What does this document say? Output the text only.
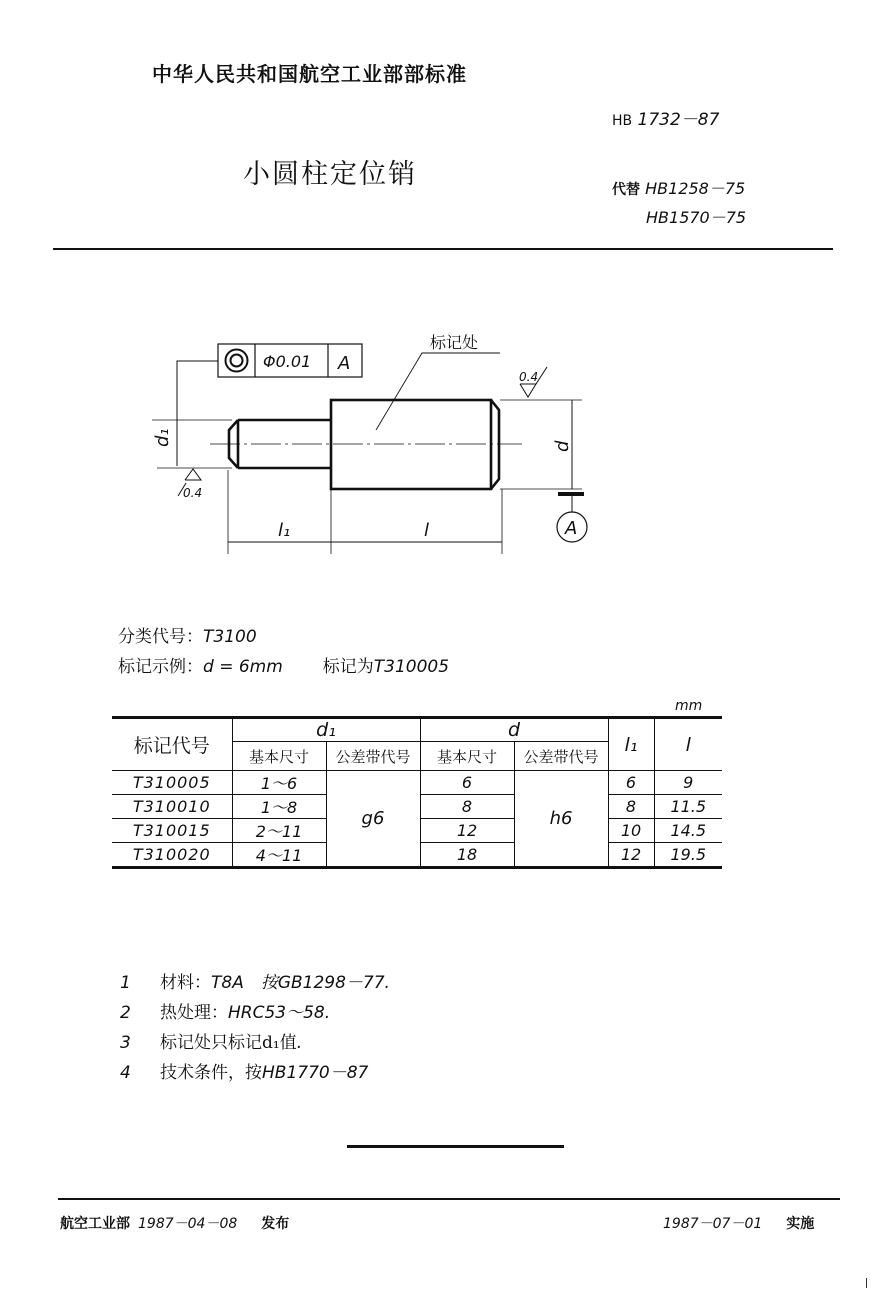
中华人民共和国航空工业部部标准
HB 1732－87
小圆柱定位销	代替 HB1258－75
HB1570－75
Φ0.01 A
标记处
0.4
0.4
d₁	d
l₁	l	A
分类代号：T3100
标记示例：d = 6mm 标记为T310005
mm
标记代号	d₁		d		l₁	l
	基本尺寸	公差带代号	基本尺寸	公差带代号		
T310005	1～6	g6	6	h6	6	9
T310010	1～8		8		8	11.5
T310015	2～11		12		10	14.5
T310020	4～11		18		12	19.5
1 材料：T8A　按GB1298－77.
2 热处理：HRC53～58.
3 标记处只标记d₁值.
4 技术条件，按HB1770－87
航空工业部 1987－04－08 发布	1987－07－01 实施
